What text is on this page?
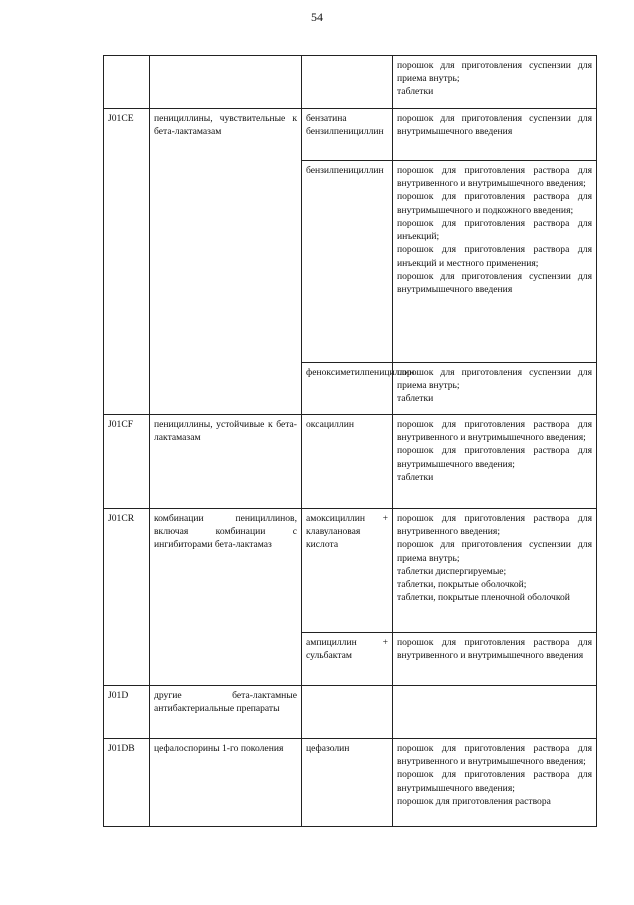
54

			порошок для приготовления суспензии для приема внутрь;
таблетки

J01CE	пенициллины, чувствительные к бета-лактамазам	бензатина бензилпенициллин	порошок для приготовления суспензии для внутримышечного введения

		бензилпенициллин	порошок для приготовления раствора для внутривенного и внутримышечного введения;
порошок для приготовления раствора для внутримышечного и подкожного введения;
порошок для приготовления раствора для инъекций;
порошок для приготовления раствора для инъекций и местного применения;
порошок для приготовления суспензии для внутримышечного введения

		феноксиметилпенициллин	порошок для приготовления суспензии для приема внутрь;
таблетки

J01CF	пенициллины, устойчивые к бета-лактамазам	оксациллин	порошок для приготовления раствора для внутривенного и внутримышечного введения;
порошок для приготовления раствора для внутримышечного введения;
таблетки

J01CR	комбинации пенициллинов, включая комбинации с ингибиторами бета-лактамаз	амоксициллин + клавулановая кислота	порошок для приготовления раствора для внутривенного введения;
порошок для приготовления суспензии для приема внутрь;
таблетки диспергируемые;
таблетки, покрытые оболочкой;
таблетки, покрытые пленочной оболочкой

		ампициллин + сульбактам	порошок для приготовления раствора для внутривенного и внутримышечного введения

J01D	другие бета-лактамные антибактериальные препараты		
J01DB	цефалоспорины 1-го поколения	цефазолин	порошок для приготовления раствора для внутривенного и внутримышечного введения;
порошок для приготовления раствора для внутримышечного введения;
порошок для приготовления раствора
